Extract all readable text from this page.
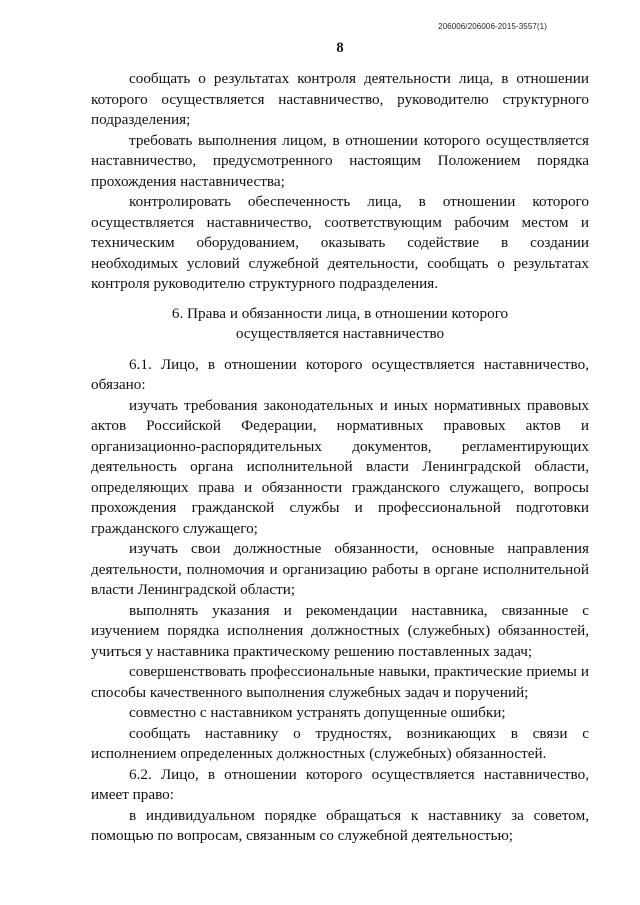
206006/206006-2015-3557(1)
8

сообщать о результатах контроля деятельности лица, в отношении которого осуществляется наставничество, руководителю структурного подразделения;

требовать выполнения лицом, в отношении которого осуществляется наставничество, предусмотренного настоящим Положением порядка прохождения наставничества;

контролировать обеспеченность лица, в отношении которого осуществляется наставничество, соответствующим рабочим местом и техническим оборудованием, оказывать содействие в создании необходимых условий служебной деятельности, сообщать о результатах контроля руководителю структурного подразделения.

6. Права и обязанности лица, в отношении которого
осуществляется наставничество

6.1. Лицо, в отношении которого осуществляется наставничество, обязано:

изучать требования законодательных и иных нормативных правовых актов Российской Федерации, нормативных правовых актов и организационно-распорядительных документов, регламентирующих деятельность органа исполнительной власти Ленинградской области, определяющих права и обязанности гражданского служащего, вопросы прохождения гражданской службы и профессиональной подготовки гражданского служащего;

изучать свои должностные обязанности, основные направления деятельности, полномочия и организацию работы в органе исполнительной власти Ленинградской области;

выполнять указания и рекомендации наставника, связанные с изучением порядка исполнения должностных (служебных) обязанностей, учиться у наставника практическому решению поставленных задач;

совершенствовать профессиональные навыки, практические приемы и способы качественного выполнения служебных задач и поручений;

совместно с наставником устранять допущенные ошибки;

сообщать наставнику о трудностях, возникающих в связи с исполнением определенных должностных (служебных) обязанностей.

6.2. Лицо, в отношении которого осуществляется наставничество, имеет право:

в индивидуальном порядке обращаться к наставнику за советом, помощью по вопросам, связанным со служебной деятельностью;
